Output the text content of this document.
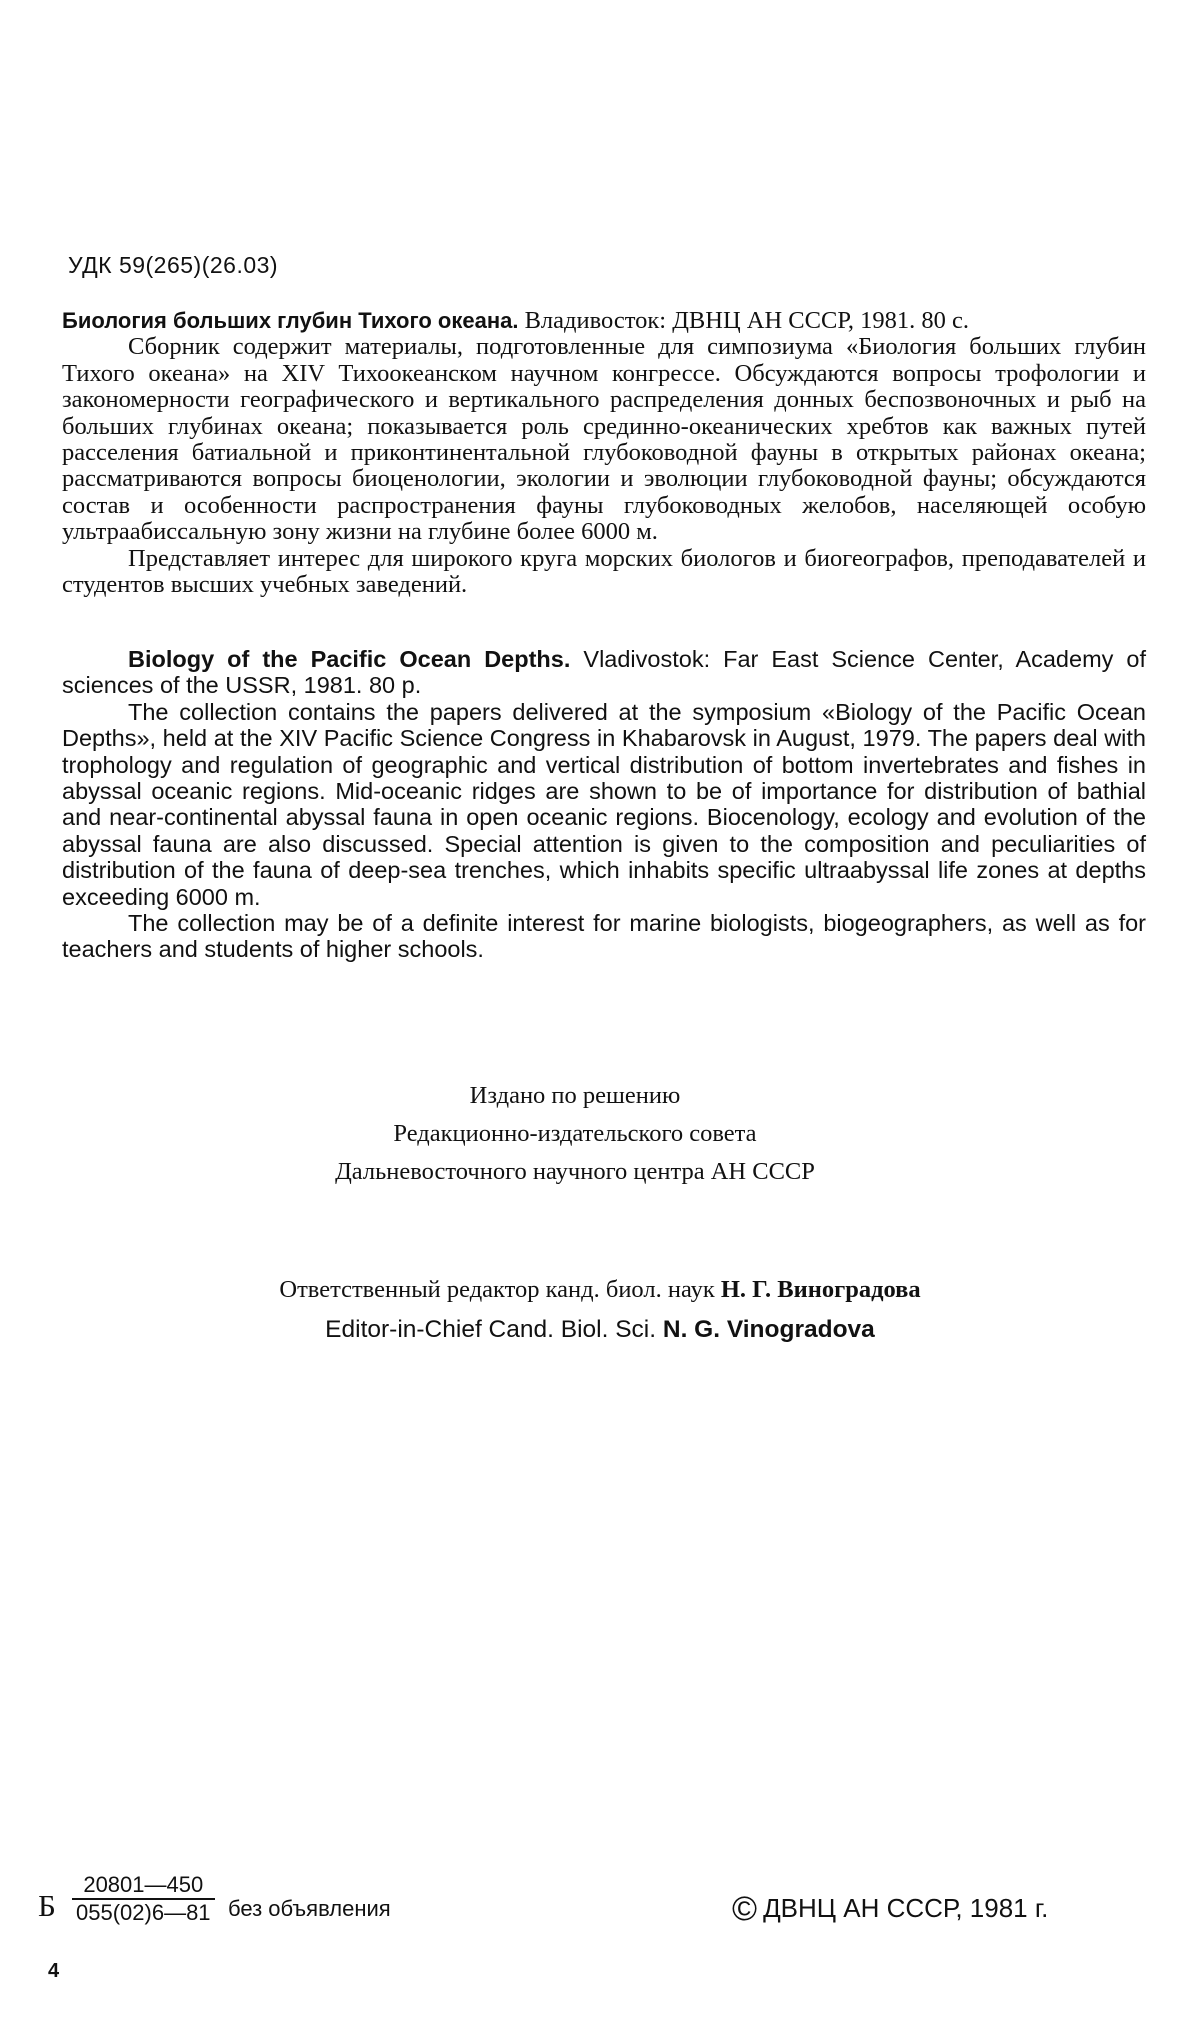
УДК 59(265)(26.03)

Биология больших глубин Тихого океана. Владивосток: ДВНЦ АН СССР, 1981. 80 с.

Сборник содержит материалы, подготовленные для симпозиума «Биология больших глубин Тихого океана» на XIV Тихоокеанском научном конгрессе. Обсуждаются вопросы трофологии и закономерности географического и вертикального распределения донных беспозвоночных и рыб на больших глубинах океана; показывается роль срединно-океанических хребтов как важных путей расселения батиальной и приконтинентальной глубоководной фауны в открытых районах океана; рассматриваются вопросы биоценологии, экологии и эволюции глубоководной фауны; обсуждаются состав и особенности распространения фауны глубоководных желобов, населяющей особую ультраабиссальную зону жизни на глубине более 6000 м.

Представляет интерес для широкого круга морских биологов и биогеографов, преподавателей и студентов высших учебных заведений.

Biology of the Pacific Ocean Depths. Vladivostok: Far East Science Center, Academy of sciences of the USSR, 1981. 80 p.

The collection contains the papers delivered at the symposium «Biology of the Pacific Ocean Depths», held at the XIV Pacific Science Congress in Khabarovsk in August, 1979. The papers deal with trophology and regulation of geographic and vertical distribution of bottom invertebrates and fishes in abyssal oceanic regions. Mid-oceanic ridges are shown to be of importance for distribution of bathial and near-continental abyssal fauna in open oceanic regions. Biocenology, ecology and evolution of the abyssal fauna are also discussed. Special attention is given to the composition and peculiarities of distribution of the fauna of deep-sea trenches, which inhabits specific ultraabyssal life zones at depths exceeding 6000 m.

The collection may be of a definite interest for marine biologists, biogeographers, as well as for teachers and students of higher schools.

Издано по решению
Редакционно-издательского совета
Дальневосточного научного центра АН СССР
Ответственный редактор канд. биол. наук Н. Г. Виноградова
Editor-in-Chief Cand. Biol. Sci. N. G. Vinogradova
Б $\frac{20801—450}{055(02)6—81}$ без объявления	© ДВНЦ АН СССР, 1981 г.
4
